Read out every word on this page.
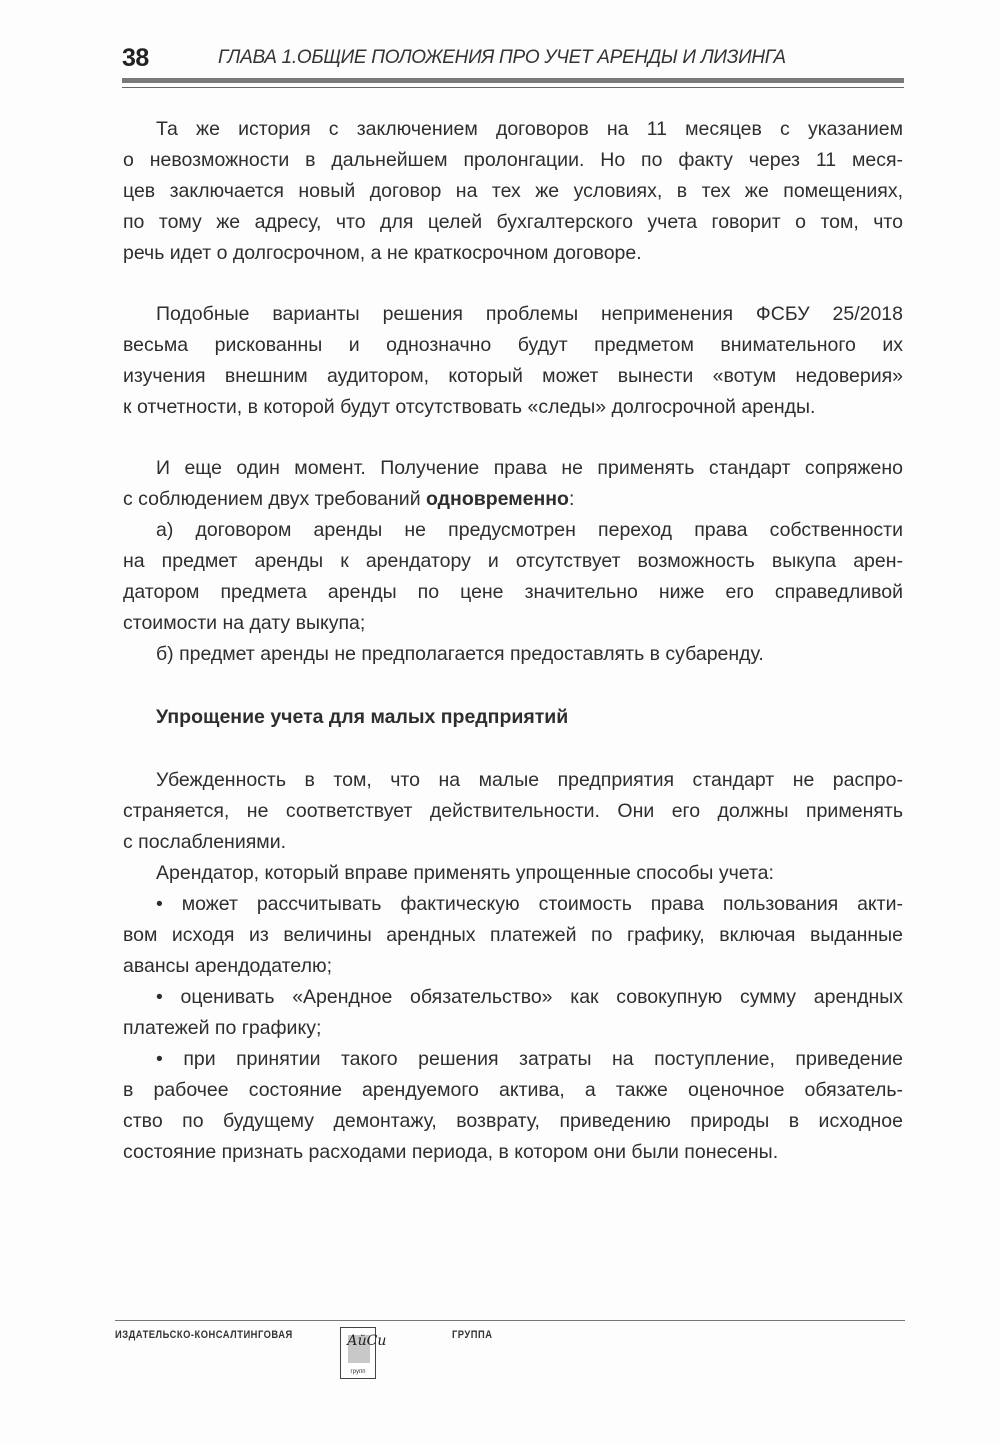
38	ГЛАВА 1.ОБЩИЕ ПОЛОЖЕНИЯ ПРО УЧЕТ АРЕНДЫ И ЛИЗИНГА
Та же история с заключением договоров на 11 месяцев с указанием
о невозможности в дальнейшем пролонгации. Но по факту через 11 меся-
цев заключается новый договор на тех же условиях, в тех же помещениях,
по тому же адресу, что для целей бухгалтерского учета говорит о том, что
речь идет о долгосрочном, а не краткосрочном договоре.
Подобные варианты решения проблемы неприменения ФСБУ 25/2018
весьма рискованны и однозначно будут предметом внимательного их
изучения внешним аудитором, который может вынести «вотум недоверия»
к отчетности, в которой будут отсутствовать «следы» долгосрочной аренды.
И еще один момент. Получение права не применять стандарт сопряжено
с соблюдением двух требований одновременно:
а) договором аренды не предусмотрен переход права собственности
на предмет аренды к арендатору и отсутствует возможность выкупа арен-
датором предмета аренды по цене значительно ниже его справедливой
стоимости на дату выкупа;
б) предмет аренды не предполагается предоставлять в субаренду.
Упрощение учета для малых предприятий
Убежденность в том, что на малые предприятия стандарт не распро-
страняется, не соответствует действительности. Они его должны применять
с послаблениями.
Арендатор, который вправе применять упрощенные способы учета:
• может рассчитывать фактическую стоимость права пользования акти-
вом исходя из величины арендных платежей по графику, включая выданные
авансы арендодателю;
• оценивать «Арендное обязательство» как совокупную сумму арендных
платежей по графику;
• при принятии такого решения затраты на поступление, приведение
в рабочее состояние арендуемого актива, а также оценочное обязатель-
ство по будущему демонтажу, возврату, приведению природы в исходное
состояние признать расходами периода, в котором они были понесены.
ИЗДАТЕЛЬСКО-КОНСАЛТИНГОВАЯ	АйСи
групп
ГРУППА
